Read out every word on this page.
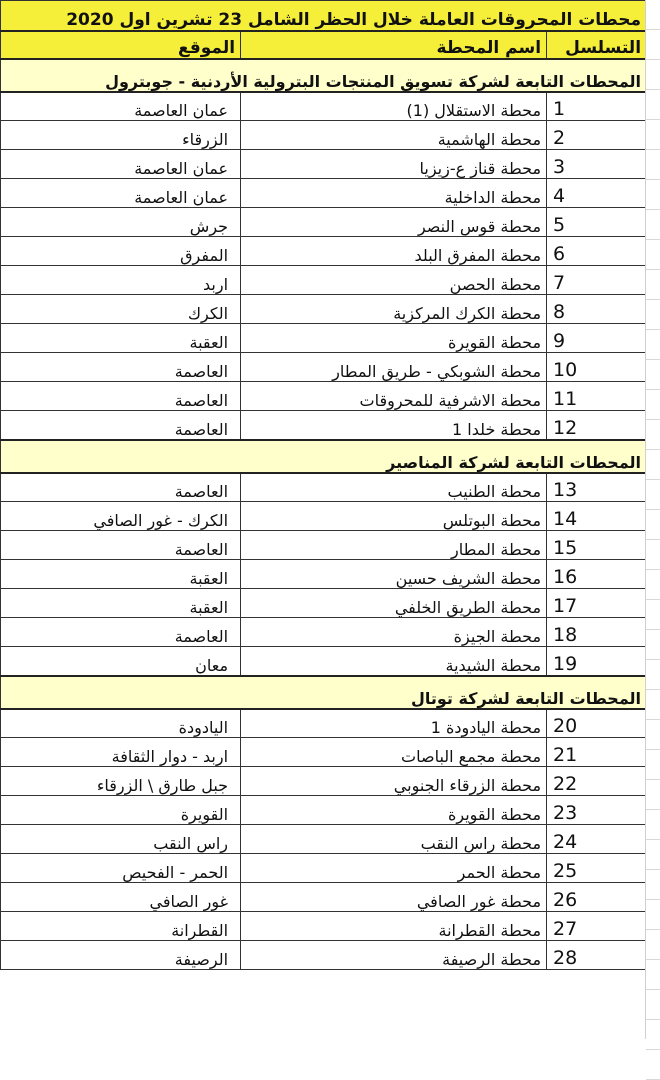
محطات المحروقات العاملة خلال الحظر الشامل 23 تشرين اول 2020		
التسلسل	اسم المحطة	الموقع
المحطات التابعة لشركة تسويق المنتجات البترولية الأردنية - جوبترول		
1	محطة الاستقلال (1)	عمان العاصمة
2	محطة الهاشمية	الزرقاء
3	محطة قناز ع-زيزيا	عمان العاصمة
4	محطة الداخلية	عمان العاصمة
5	محطة قوس النصر	جرش
6	محطة المفرق البلد	المفرق
7	محطة الحصن	اربد
8	محطة الكرك المركزية	الكرك
9	محطة القويرة	العقبة
10	محطة الشوبكي - طريق المطار	العاصمة
11	محطة الاشرفية للمحروقات	العاصمة
12	محطة خلدا 1	العاصمة
المحطات التابعة لشركة المناصير		
13	محطة الطنيب	العاصمة
14	محطة البوتلس	الكرك - غور الصافي
15	محطة المطار	العاصمة
16	محطة الشريف حسين	العقبة
17	محطة الطريق الخلفي	العقبة
18	محطة الجيزة	العاصمة
19	محطة الشيدية	معان
المحطات التابعة لشركة توتال		
20	محطة اليادودة 1	اليادودة
21	محطة مجمع الباصات	اربد - دوار الثقافة
22	محطة الزرقاء الجنوبي	جبل طارق \ الزرقاء
23	محطة القويرة	القويرة
24	محطة راس النقب	راس النقب
25	محطة الحمر	الحمر - الفحيص
26	محطة غور الصافي	غور الصافي
27	محطة القطرانة	القطرانة
28	محطة الرصيفة	الرصيفة
